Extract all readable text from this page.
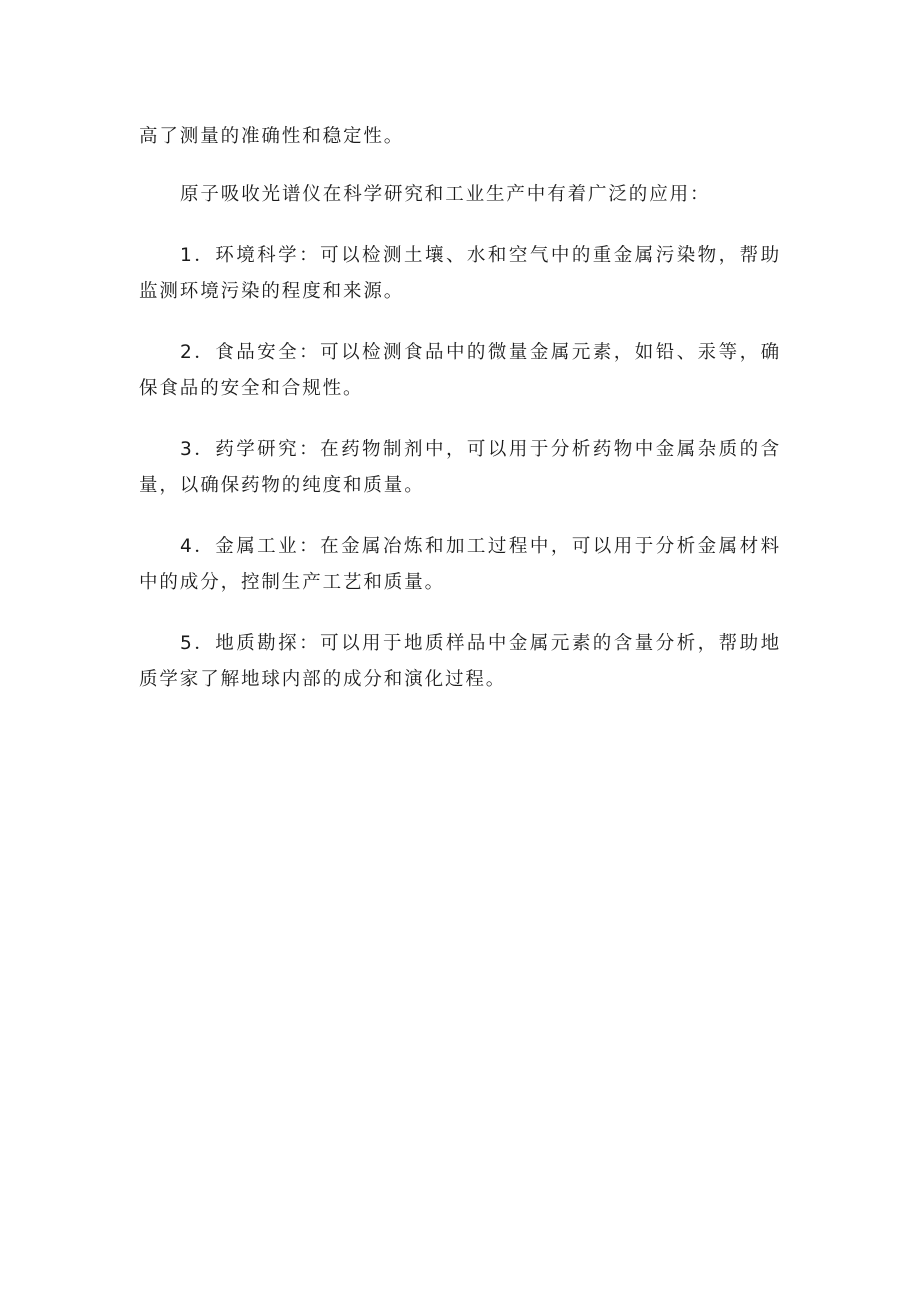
高了测量的准确性和稳定性。

原子吸收光谱仪在科学研究和工业生产中有着广泛的应用：

1．环境科学：可以检测土壤、水和空气中的重金属污染物，帮助监测环境污染的程度和来源。

2．食品安全：可以检测食品中的微量金属元素，如铅、汞等，确保食品的安全和合规性。

3．药学研究：在药物制剂中，可以用于分析药物中金属杂质的含量，以确保药物的纯度和质量。

4．金属工业：在金属冶炼和加工过程中，可以用于分析金属材料中的成分，控制生产工艺和质量。

5．地质勘探：可以用于地质样品中金属元素的含量分析，帮助地质学家了解地球内部的成分和演化过程。
